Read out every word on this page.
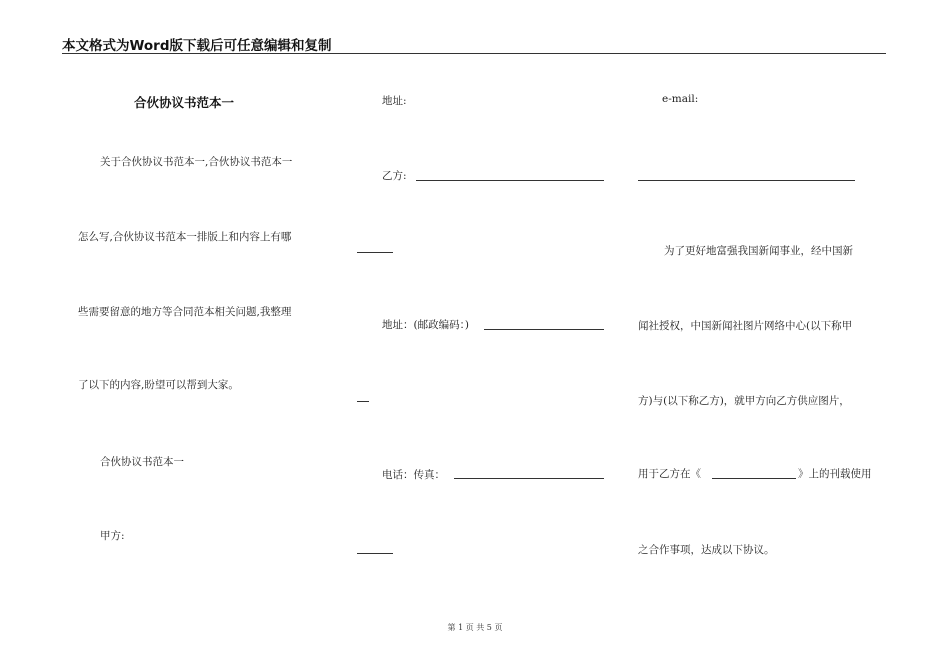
本文格式为Word版下载后可任意编辑和复制
合伙协议书范本一
关于合伙协议书范本一,合伙协议书范本一
怎么写,合伙协议书范本一排版上和内容上有哪
些需要留意的地方等合同范本相关问题,我整理
了以下的内容,盼望可以帮到大家。
合伙协议书范本一
甲方:
地址:
乙方:
地址：(邮政编码：)
电话：传真：
e-mail:
为了更好地富强我国新闻事业，经中国新
闻社授权，中国新闻社图片网络中心(以下称甲
方)与(以下称乙方)，就甲方向乙方供应图片，
用于乙方在《	》上的刊载使用
之合作事项，达成以下协议。
第 1 页 共 5 页
